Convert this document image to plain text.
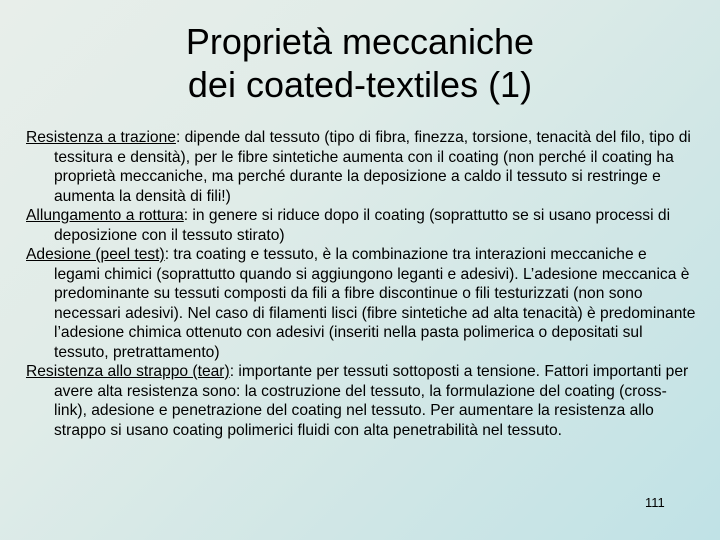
Proprietà meccaniche
dei coated-textiles (1)

Resistenza a trazione: dipende dal tessuto (tipo di fibra, finezza, torsione, tenacità del filo, tipo di tessitura e densità), per le fibre sintetiche aumenta con il coating (non perché il coating ha proprietà meccaniche, ma perché durante la deposizione a caldo il tessuto si restringe e aumenta la densità di fili!)

Allungamento a rottura: in genere si riduce dopo il coating (soprattutto se si usano processi di deposizione con il tessuto stirato)

Adesione (peel test): tra coating e tessuto, è la combinazione tra interazioni meccaniche e legami chimici (soprattutto quando si aggiungono leganti e adesivi). L’adesione meccanica è predominante su tessuti composti da fili a fibre discontinue o fili testurizzati (non sono necessari adesivi). Nel caso di filamenti lisci (fibre sintetiche ad alta tenacità) è predominante l’adesione chimica ottenuto con adesivi (inseriti nella pasta polimerica o depositati sul tessuto, pretrattamento)

Resistenza allo strappo (tear): importante per tessuti sottoposti a tensione. Fattori importanti per avere alta resistenza sono: la costruzione del tessuto, la formulazione del coating (cross-link), adesione e penetrazione del coating nel tessuto. Per aumentare la resistenza allo strappo si usano coating polimerici fluidi con alta penetrabilità nel tessuto.

111
